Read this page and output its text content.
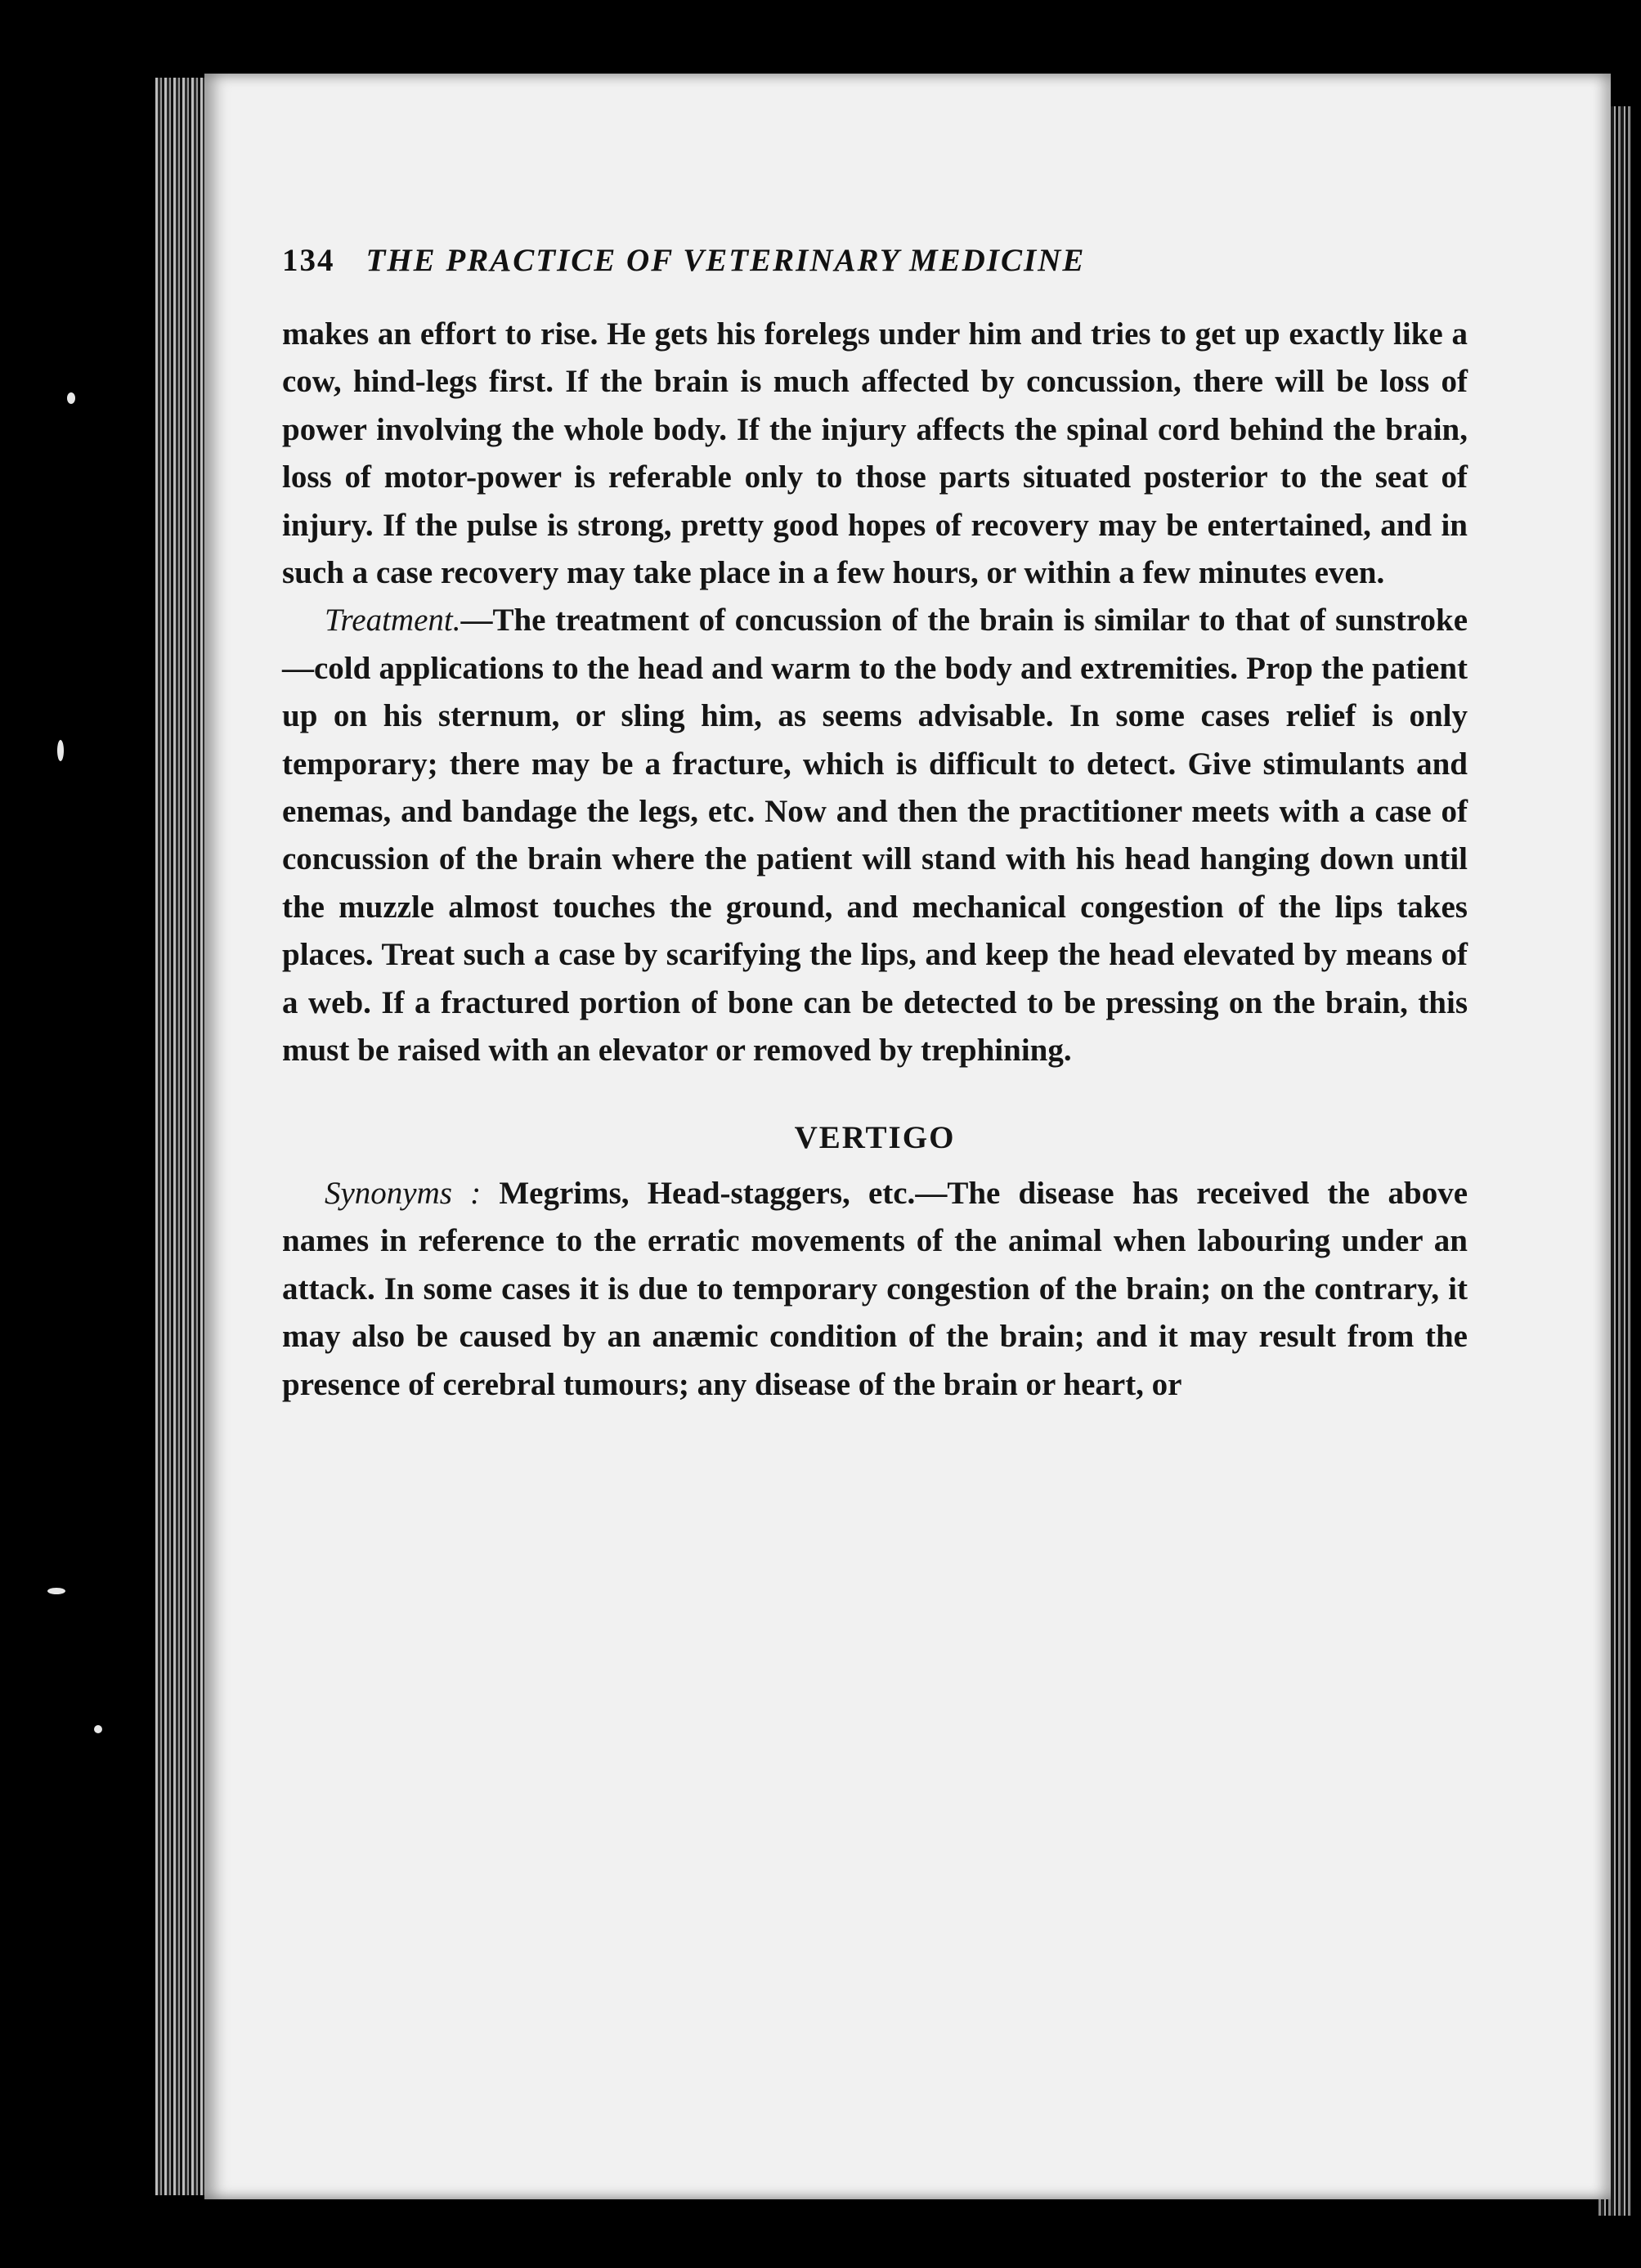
134 THE PRACTICE OF VETERINARY MEDICINE

makes an effort to rise. He gets his forelegs under him and tries to get up exactly like a cow, hind-legs first. If the brain is much affected by concussion, there will be loss of power involving the whole body. If the injury affects the spinal cord behind the brain, loss of motor-power is referable only to those parts situated posterior to the seat of injury. If the pulse is strong, pretty good hopes of recovery may be entertained, and in such a case recovery may take place in a few hours, or within a few minutes even.

Treatment.—The treatment of concussion of the brain is similar to that of sunstroke—cold applications to the head and warm to the body and extremities. Prop the patient up on his sternum, or sling him, as seems advisable. In some cases relief is only temporary; there may be a fracture, which is difficult to detect. Give stimulants and enemas, and bandage the legs, etc. Now and then the practitioner meets with a case of concussion of the brain where the patient will stand with his head hanging down until the muzzle almost touches the ground, and mechanical congestion of the lips takes places. Treat such a case by scarifying the lips, and keep the head elevated by means of a web. If a fractured portion of bone can be detected to be pressing on the brain, this must be raised with an elevator or removed by trephining.

VERTIGO

Synonyms : Megrims, Head-staggers, etc.—The disease has received the above names in reference to the erratic movements of the animal when labouring under an attack. In some cases it is due to temporary congestion of the brain; on the contrary, it may also be caused by an anæmic condition of the brain; and it may result from the presence of cerebral tumours; any disease of the brain or heart, or
